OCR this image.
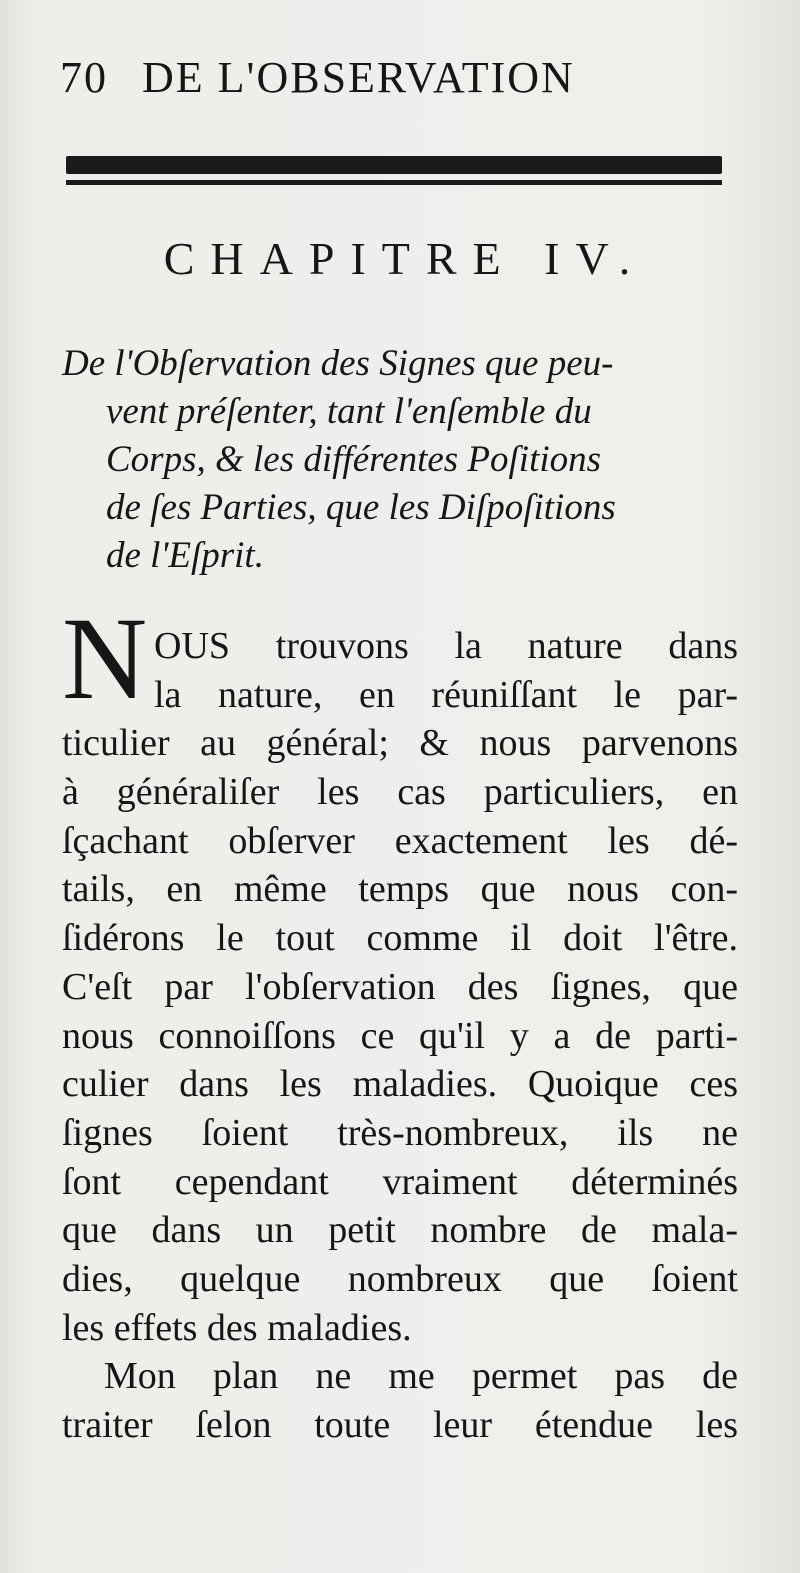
70 DE L'OBSERVATION
CHAPITRE IV.
De l'Obſervation des Signes que peu-
vent préſenter, tant l'enſemble du
Corps, & les différentes Poſitions
de ſes Parties, que les Diſpoſitions
de l'Eſprit.
N OUS trouvons la nature dans
la nature, en réuniſſant le par-
ticulier au général; & nous parvenons
à généraliſer les cas particuliers, en
ſçachant obſerver exactement les dé-
tails, en même temps que nous con-
ſidérons le tout comme il doit l'être.
C'eſt par l'obſervation des ſignes, que
nous connoiſſons ce qu'il y a de parti-
culier dans les maladies. Quoique ces
ſignes ſoient très-nombreux, ils ne
ſont cependant vraiment déterminés
que dans un petit nombre de mala-
dies, quelque nombreux que ſoient
les effets des maladies.
Mon plan ne me permet pas de
traiter ſelon toute leur étendue les
